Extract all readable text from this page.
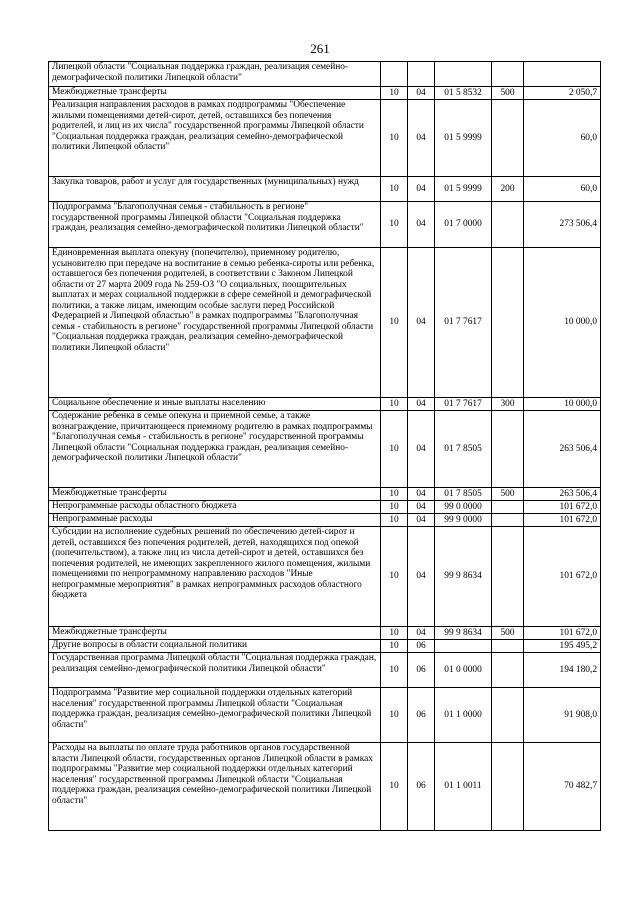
261
Липецкой области "Социальная поддержка граждан, реализация семейно-демографической политики Липецкой области"					
Межбюджетные трансферты	10	04	01 5 8532	500	2 050,7
Реализация направления расходов в рамках подпрограммы "Обеспечение жилыми помещениями детей-сирот, детей, оставшихся без попечения родителей, и лиц из их числа" государственной программы Липецкой области "Социальная поддержка граждан, реализация семейно-демографической политики Липецкой области"	10	04	01 5 9999		60,0
Закупка товаров, работ и услуг для государственных (муниципальных) нужд	10	04	01 5 9999	200	60,0
Подпрограмма "Благополучная семья - стабильность в регионе" государственной программы Липецкой области "Социальная поддержка граждан, реализация семейно-демографической политики Липецкой области"	10	04	01 7 0000		273 506,4
Единовременная выплата опекуну (попечителю), приемному родителю, усыновителю при передаче на воспитание в семью ребенка-сироты или ребенка, оставшегося без попечения родителей, в соответствии с Законом Липецкой области от 27 марта 2009 года № 259-ОЗ "О социальных, поощрительных выплатах и мерах социальной поддержки в сфере семейной и демографической политики, а также лицам, имеющим особые заслуги перед Российской Федерацией и Липецкой областью" в рамках подпрограммы "Благополучная семья - стабильность в регионе" государственной программы Липецкой области "Социальная поддержка граждан, реализация семейно-демографической политики Липецкой области"	10	04	01 7 7617		10 000,0
Социальное обеспечение и иные выплаты населению	10	04	01 7 7617	300	10 000,0
Содержание ребенка в семье опекуна и приемной семье, а также вознаграждение, причитающееся приемному родителю в рамках подпрограммы "Благополучная семья - стабильность в регионе" государственной программы Липецкой области "Социальная поддержка граждан, реализация семейно-демографической политики Липецкой области"	10	04	01 7 8505		263 506,4
Межбюджетные трансферты	10	04	01 7 8505	500	263 506,4
Непрограммные расходы областного бюджета	10	04	99 0 0000		101 672,0
Непрограммные расходы	10	04	99 9 0000		101 672,0
Субсидии на исполнение судебных решений по обеспечению детей-сирот и детей, оставшихся без попечения родителей, детей, находящихся под опекой (попечительством), а также лиц из числа детей-сирот и детей, оставшихся без попечения родителей, не имеющих закрепленного жилого помещения, жилыми помещениями по непрограммному направлению расходов "Иные непрограммные мероприятия" в рамках непрограммных расходов областного бюджета	10	04	99 9 8634		101 672,0
Межбюджетные трансферты	10	04	99 9 8634	500	101 672,0
Другие вопросы в области социальной политики	10	06			195 495,2
Государственная программа Липецкой области "Социальная поддержка граждан, реализация семейно-демографической политики Липецкой области"	10	06	01 0 0000		194 180,2
Подпрограмма "Развитие мер социальной поддержки отдельных категорий населения" государственной программы Липецкой области "Социальная поддержка граждан, реализация семейно-демографической политики Липецкой области"	10	06	01 1 0000		91 908,0
Расходы на выплаты по оплате труда работников органов государственной власти Липецкой области, государственных органов Липецкой области в рамках подпрограммы "Развитие мер социальной поддержки отдельных категорий населения" государственной программы Липецкой области "Социальная поддержка граждан, реализация семейно-демографической политики Липецкой области"	10	06	01 1 0011		70 482,7
